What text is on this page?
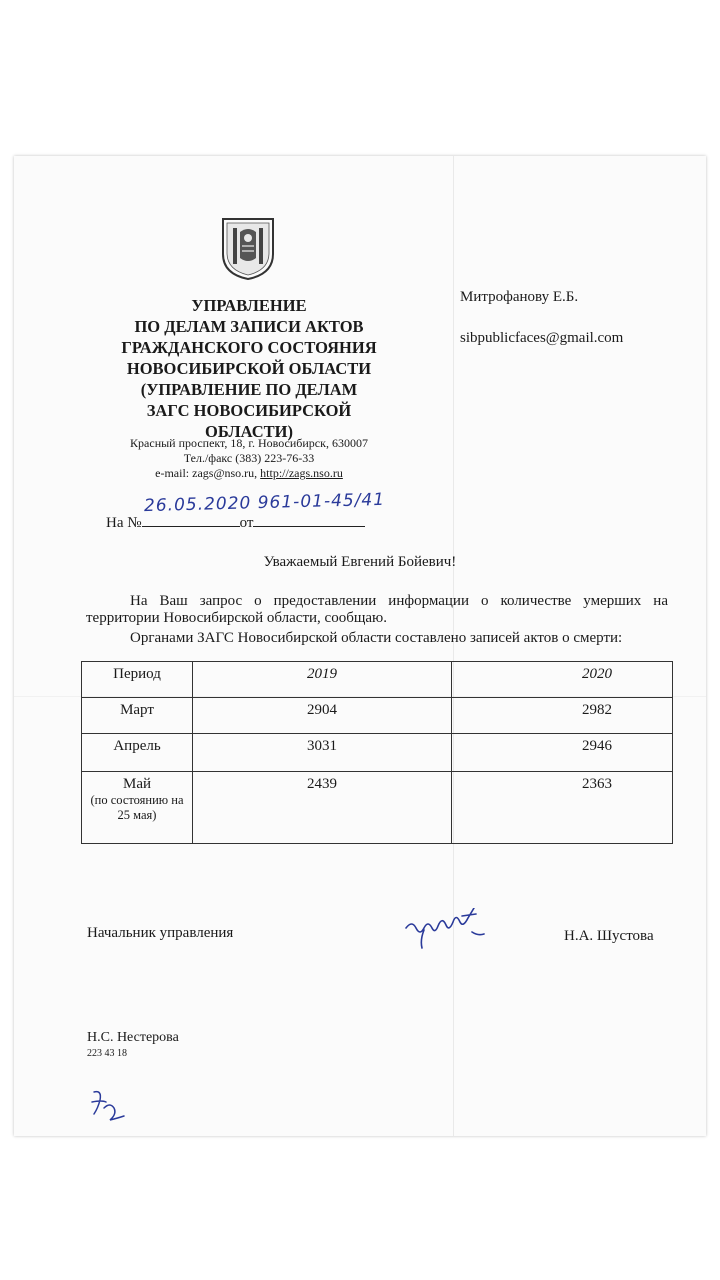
УПРАВЛЕНИЕ
ПО ДЕЛАМ ЗАПИСИ АКТОВ
ГРАЖДАНСКОГО СОСТОЯНИЯ
НОВОСИБИРСКОЙ ОБЛАСТИ
(УПРАВЛЕНИЕ ПО ДЕЛАМ
ЗАГС НОВОСИБИРСКОЙ
ОБЛАСТИ)
Красный проспект, 18, г. Новосибирск, 630007
Тел./факс (383) 223-76-33
e-mail: zags@nso.ru, http://zags.nso.ru
Митрофанову Е.Б.
sibpublicfaces@gmail.com
26.05.2020 961-01-45/41
На №	от
Уважаемый Евгений Бойевич!
На Ваш запрос о предоставлении информации о количестве умерших на территории Новосибирской области, сообщаю.
Органами ЗАГС Новосибирской области составлено записей актов о смерти:
Период	2019	2020
Март	2904	2982
Апрель	3031	2946
Май
(по состоянию на 25 мая)	2439	2363
Начальник управления	Н.А. Шустова
Н.С. Нестерова
223 43 18
